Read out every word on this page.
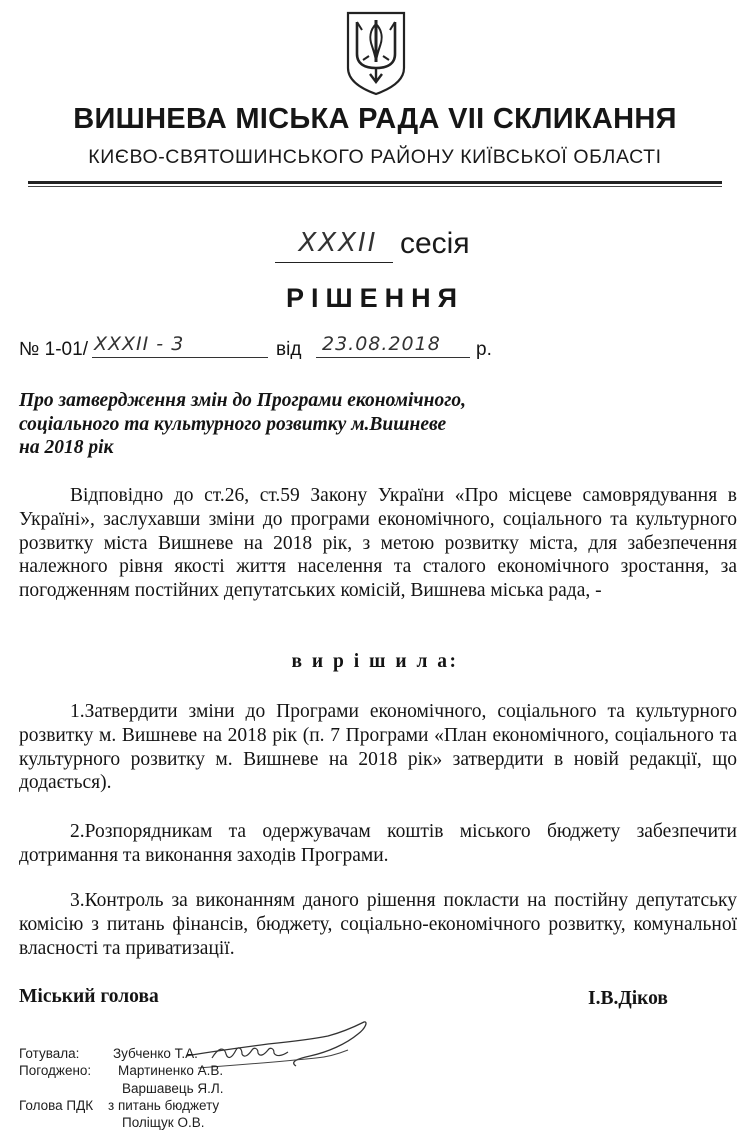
ВИШНЕВА МІСЬКА РАДА VII СКЛИКАННЯ
КИЄВО-СВЯТОШИНСЬКОГО РАЙОНУ КИЇВСЬКОЇ ОБЛАСТІ
XXXII сесія
РІШЕННЯ
№ 1-01/ XXXII - 3	від 23.08.2018 р.
Про затвердження змін до Програми економічного,
соціального та культурного розвитку м.Вишневе
на 2018 рік
Відповідно до ст.26, ст.59 Закону України «Про місцеве самоврядування в Україні», заслухавши зміни до програми економічного, соціального та культурного розвитку міста Вишневе на 2018 рік, з метою розвитку міста, для забезпечення належного рівня якості життя населення та сталого економічного зростання, за погодженням постійних депутатських комісій, Вишнева міська рада, -
в и р і ш и л а:
1.Затвердити зміни до Програми економічного, соціального та культурного розвитку м. Вишневе на 2018 рік (п. 7 Програми «План економічного, соціального та культурного розвитку м. Вишневе на 2018 рік» затвердити в новій редакції, що додається).
2.Розпорядникам та одержувачам коштів міського бюджету забезпечити дотримання та виконання заходів Програми.
3.Контроль за виконанням даного рішення покласти на постійну депутатську комісію з питань фінансів, бюджету, соціально-економічного розвитку, комунальної власності та приватизації.
Міський голова	І.В.Діков
Готувала: Зубченко Т.А.
Погоджено: Мартиненко А.В.
Варшавець Я.Л.
Голова ПДК з питань бюджету
Поліщук О.В.
